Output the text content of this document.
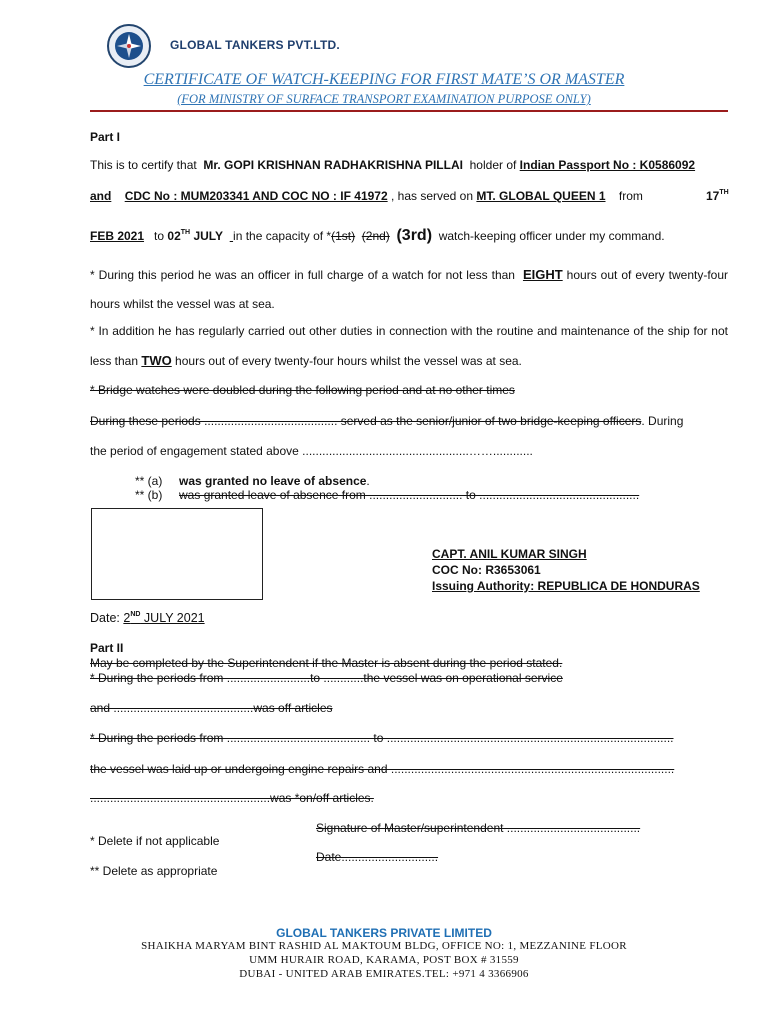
GLOBAL TANKERS PVT.LTD.
CERTIFICATE OF WATCH-KEEPING FOR FIRST MATE’S OR MASTER
(FOR MINISTRY OF SURFACE TRANSPORT EXAMINATION PURPOSE ONLY)
Part I
This is to certify that Mr. GOPI KRISHNAN RADHAKRISHNA PILLAI holder of Indian Passport No : K0586092
and CDC No : MUM203341 AND COC NO : IF 41972 , has served on MT. GLOBAL QUEEN 1 from	17TH
FEB 2021 to 02TH JULY in the capacity of *(1st) (2nd) (3rd) watch-keeping officer under my command.
* During this period he was an officer in full charge of a watch for not less than EIGHT hours out of every twenty-four hours whilst the vessel was at sea.
* In addition he has regularly carried out other duties in connection with the routine and maintenance of the ship for not less than TWO hours out of every twenty-four hours whilst the vessel was at sea.
* Bridge watches were doubled during the following period and at no other times
During these periods ........................................ served as the senior/junior of two bridge-keeping officers. During
the period of engagement stated above ..................................................……............
** (a) was granted no leave of absence.
** (b) was granted leave of absence from ............................ to ................................................
CAPT. ANIL KUMAR SINGH
COC No: R3653061
Issuing Authority: REPUBLICA DE HONDURAS
Date: 2ND JULY 2021
Part II
May be completed by the Superintendent if the Master is absent during the period stated.
* During the periods from .........................to ............the vessel was on operational service
and ..........................................was off articles
* During the periods from ........................................... to ......................................................................................
the vessel was laid up or undergoing engine repairs and .....................................................................................
......................................................was *on/off articles.
Signature of Master/superintendent ........................................
* Delete if not applicable
Date.............................
** Delete as appropriate
GLOBAL TANKERS PRIVATE LIMITED
SHAIKHA MARYAM BINT RASHID AL MAKTOUM BLDG, OFFICE NO: 1, MEZZANINE FLOOR
UMM HURAIR ROAD, KARAMA, POST BOX # 31559
DUBAI - UNITED ARAB EMIRATES.TEL: +971 4 3366906
